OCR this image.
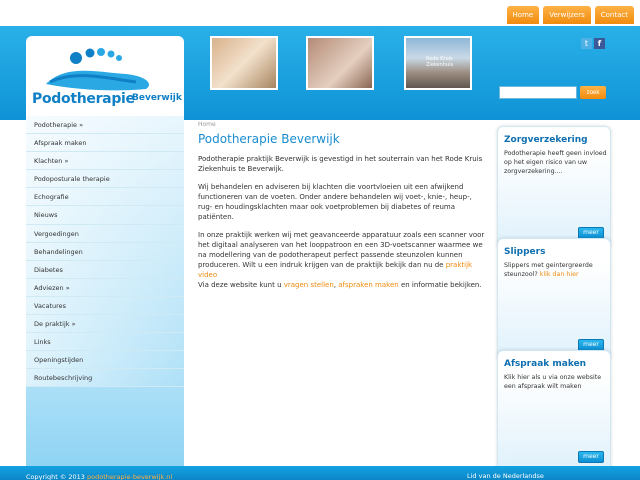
Home	Verwijzers	Contact
Podotherapie
Beverwijk
Rode Kruis Ziekenhuis
t	f
zoek
Podotherapie »
Afspraak maken
Klachten »
Podoposturale therapie
Echografie
Nieuws
Vergoedingen
Behandelingen
Diabetes
Adviezen »
Vacatures
De praktijk »
Links
Openingstijden
Routebeschrijving
Home
Podotherapie Beverwijk

Podotherapie praktijk Beverwijk is gevestigd in het souterrain van het Rode Kruis Ziekenhuis te Beverwijk.

Wij behandelen en adviseren bij klachten die voortvloeien uit een afwijkend functioneren van de voeten. Onder andere behandelen wij voet-, knie-, heup-, rug- en houdingsklachten maar ook voetproblemen bij diabetes of reuma patiënten.

In onze praktijk werken wij met geavanceerde apparatuur zoals een scanner voor het digitaal analyseren van het looppatroon en een 3D-voetscanner waarmee we na modellering van de podotherapeut perfect passende steunzolen kunnen produceren. Wilt u een indruk krijgen van de praktijk bekijk dan nu de praktijk video
Via deze website kunt u vragen stellen, afspraken maken en informatie bekijken.

Zorgverzekering
Podotherapie heeft geen invloed op het eigen risico van uw zorgverzekering....
meer
Slippers
Slippers met geintergreerde steunzool? klik dan hier
meer
Afspraak maken
Klik hier als u via onze website een afspraak wilt maken
meer
Copyright © 2013 podotherapie-beverwijk.nl	Lid van de Nederlandse
